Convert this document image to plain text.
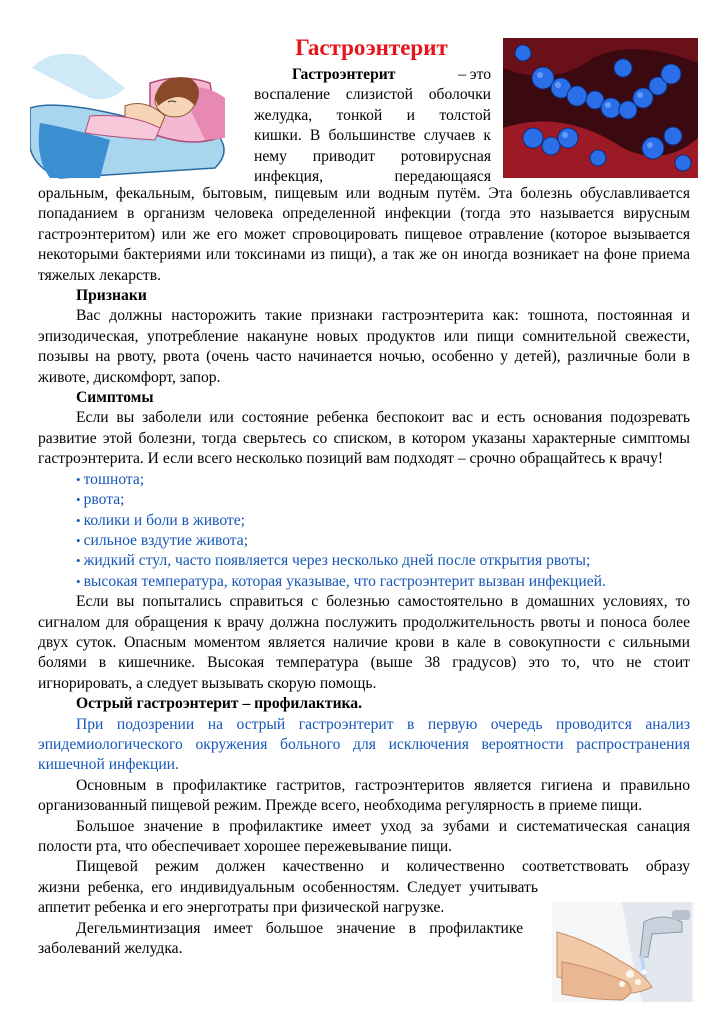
Гастроэнтерит

Гастроэнтерит	– это

воспаление слизистой оболочки

желудка, тонкой и толстой

кишки. В большинстве случаев к

нему приводит ротовирусная

инфекция, передающаяся

оральным, фекальным, бытовым, пищевым или водным путём. Эта болезнь обуславливается попаданием в организм человека определенной инфекции (тогда это называется вирусным гастроэнтеритом) или же его может спровоцировать пищевое отравление (которое вызывается некоторыми бактериями или токсинами из пищи), а так же он иногда возникает на фоне приема тяжелых лекарств.

Признаки

Вас должны насторожить такие признаки гастроэнтерита как: тошнота, постоянная и эпизодическая, употребление накануне новых продуктов или пищи сомнительной свежести, позывы на рвоту, рвота (очень часто начинается ночью, особенно у детей), различные боли в животе, дискомфорт, запор.

Симптомы

Если вы заболели или состояние ребенка беспокоит вас и есть основания подозревать развитие этой болезни, тогда сверьтесь со списком, в котором указаны характерные симптомы гастроэнтерита. И если всего несколько позиций вам подходят – срочно обращайтесь к врачу!

• тошнота;
• рвота;
• колики и боли в животе;
• сильное вздутие живота;
• жидкий стул, часто появляется через несколько дней после открытия рвоты;
• высокая температура, которая указывае, что гастроэнтерит вызван инфекцией.

Если вы попытались справиться с болезнью самостоятельно в домашних условиях, то сигналом для обращения к врачу должна послужить продолжительность рвоты и поноса более двух суток. Опасным моментом является наличие крови в кале в совокупности с сильными болями в кишечнике. Высокая температура (выше 38 градусов) это то, что не стоит игнорировать, а следует вызывать скорую помощь.

Острый гастроэнтерит – профилактика.

При подозрении на острый гастроэнтерит в первую очередь проводится анализ эпидемиологического окружения больного для исключения вероятности распространения кишечной инфекции.

Основным в профилактике гастритов, гастроэнтеритов является гигиена и правильно организованный пищевой режим. Прежде всего, необходима регулярность в приеме пищи.

Большое значение в профилактике имеет уход за зубами и систематическая санация полости рта, что обеспечивает хорошее пережевывание пищи.

Пищевой режим должен качественно и количественно соответствовать образу

жизни ребенка, его индивидуальным особенностям. Следует учитывать аппетит ребенка и его энерготраты при физической нагрузке.

Дегельминтизация имеет большое значение в профилактике заболеваний желудка.
